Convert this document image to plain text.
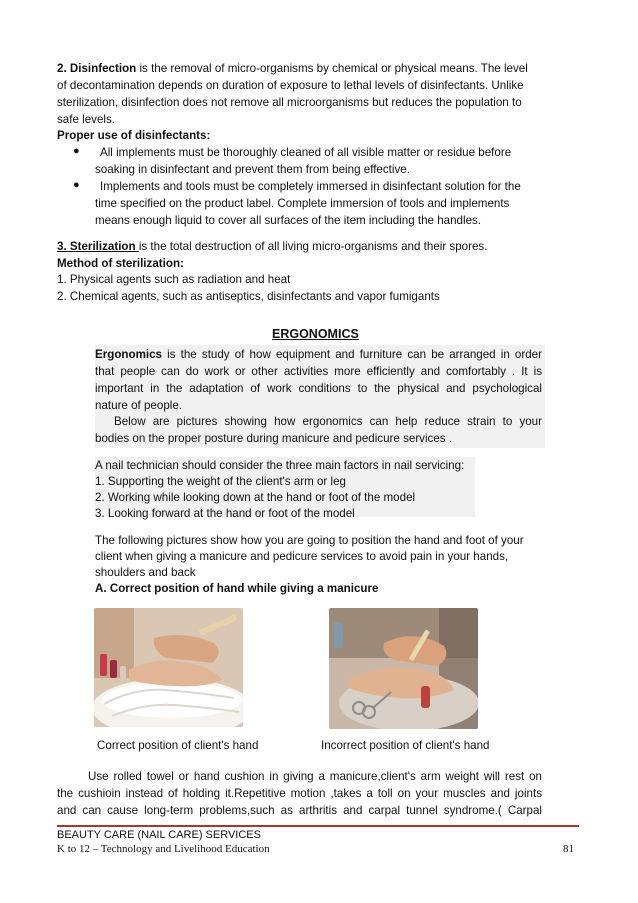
2. Disinfection is the removal of micro-organisms by chemical or physical means. The level
of decontamination depends on duration of exposure to lethal levels of disinfectants. Unlike
sterilization, disinfection does not remove all microorganisms but reduces the population to
safe levels.
Proper use of disinfectants:
● All implements must be thoroughly cleaned of all visible matter or residue before
soaking in disinfectant and prevent them from being effective.
● Implements and tools must be completely immersed in disinfectant solution for the
time specified on the product label. Complete immersion of tools and implements
means enough liquid to cover all surfaces of the item including the handles.
3. Sterilization is the total destruction of all living micro-organisms and their spores.
Method of sterilization:
1. Physical agents such as radiation and heat
2. Chemical agents, such as antiseptics, disinfectants and vapor fumigants
ERGONOMICS
Ergonomics is the study of how equipment and furniture can be arranged in order
that people can do work or other activities more efficiently and comfortably . It is
important in the adaptation of work conditions to the physical and psychological
nature of people.
Below are pictures showing how ergonomics can help reduce strain to your
bodies on the proper posture during manicure and pedicure services .
A nail technician should consider the three main factors in nail servicing:
1. Supporting the weight of the client's arm or leg
2. Working while looking down at the hand or foot of the model
3. Looking forward at the hand or foot of the model
The following pictures show how you are going to position the hand and foot of your
client when giving a manicure and pedicure services to avoid pain in your hands,
shoulders and back
A. Correct position of hand while giving a manicure
Correct position of client's hand	Incorrect position of client's hand
Use rolled towel or hand cushion in giving a manicure,client's arm weight will rest on
the cushioin instead of holding it.Repetitive motion ,takes a toll on your muscles and joints
and can cause long-term problems,such as arthritis and carpal tunnel syndrome.( Carpal
BEAUTY CARE (NAIL CARE) SERVICES
K to 12 – Technology and Livelihood Education	81
